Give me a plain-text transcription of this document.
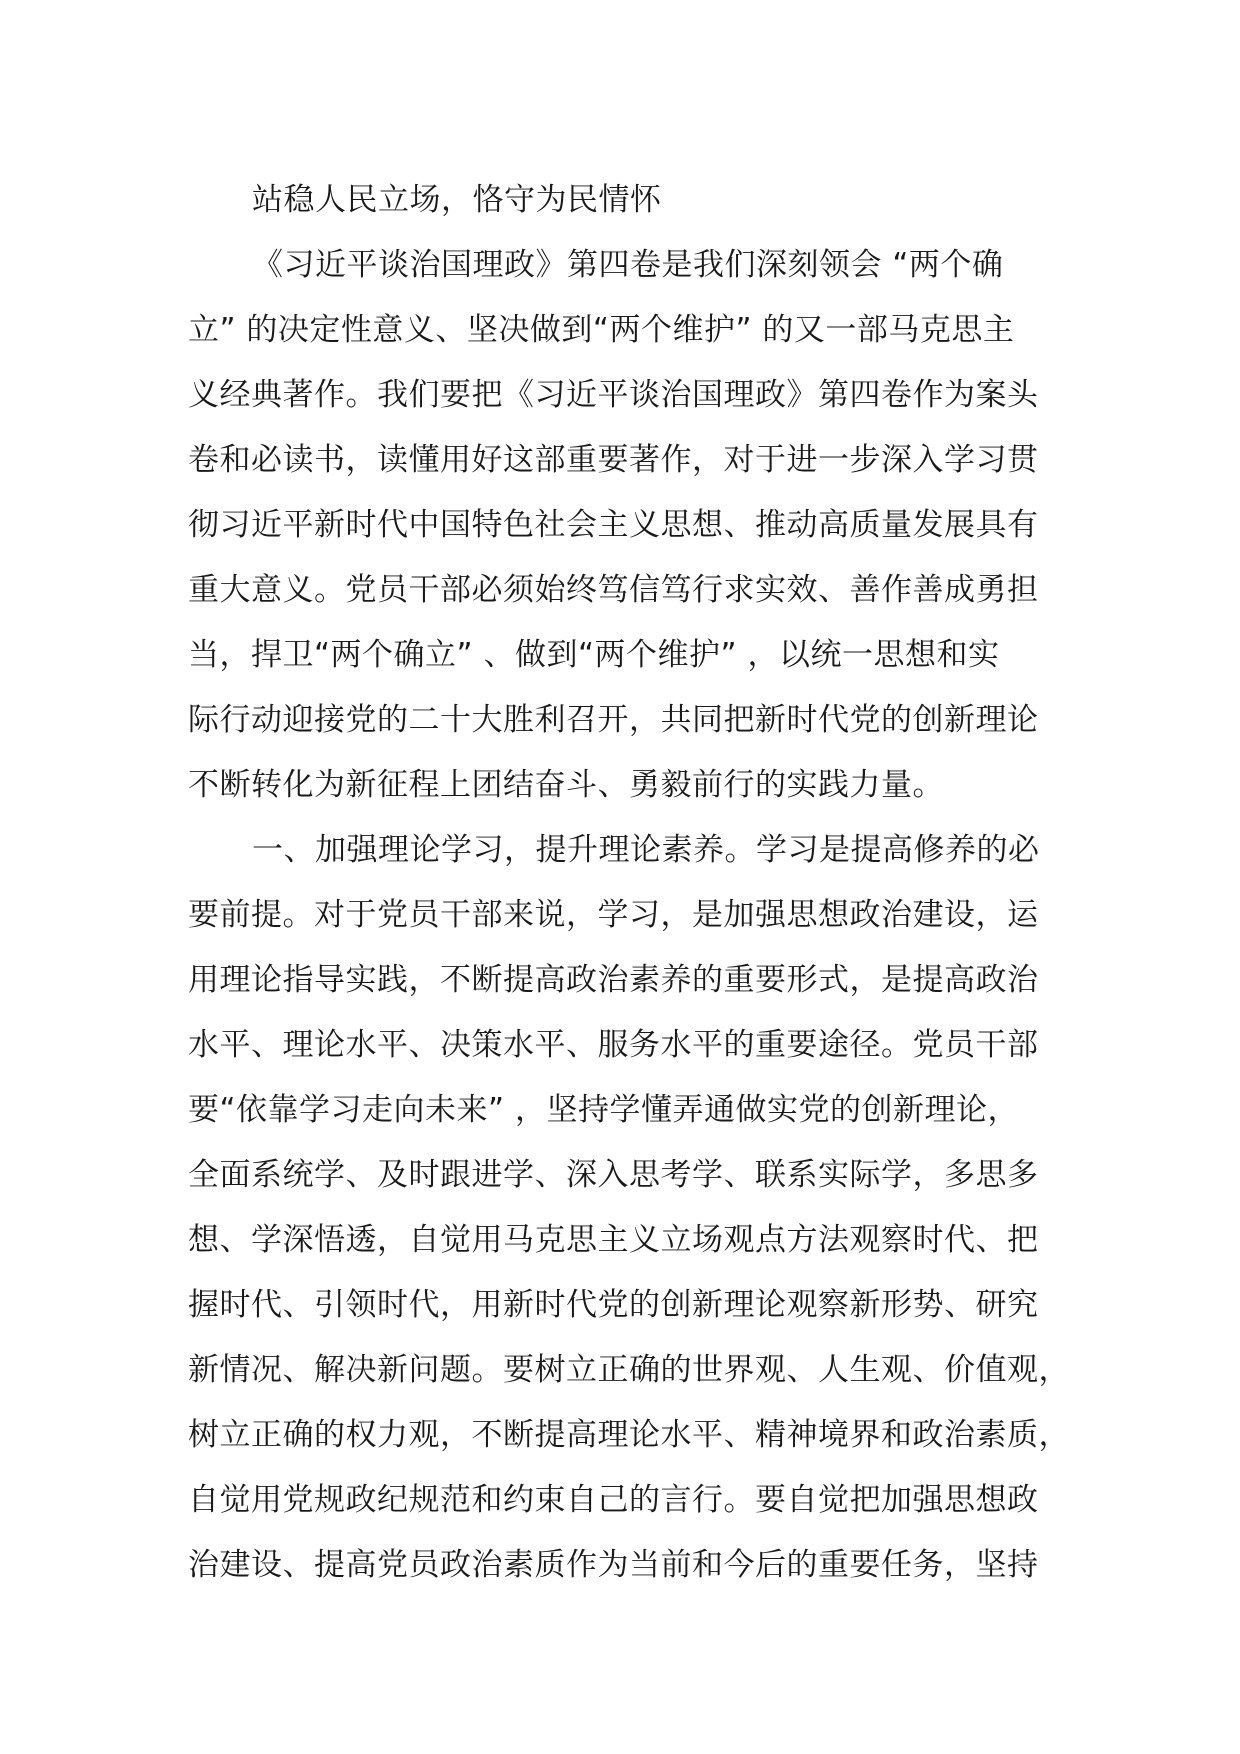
站稳人民立场，恪守为民情怀
《习近平谈治国理政》第四卷是我们深刻领会 “两个确
立” 的决定性意义、坚决做到“两个维护” 的又一部马克思主
义经典著作。我们要把《习近平谈治国理政》第四卷作为案头
卷和必读书，读懂用好这部重要著作，对于进一步深入学习贯
彻习近平新时代中国特色社会主义思想、推动高质量发展具有
重大意义。党员干部必须始终笃信笃行求实效、善作善成勇担
当，捍卫“两个确立” 、做到“两个维护” ，以统一思想和实
际行动迎接党的二十大胜利召开，共同把新时代党的创新理论
不断转化为新征程上团结奋斗、勇毅前行的实践力量。
一、加强理论学习，提升理论素养。学习是提高修养的必
要前提。对于党员干部来说，学习，是加强思想政治建设，运
用理论指导实践，不断提高政治素养的重要形式，是提高政治
水平、理论水平、决策水平、服务水平的重要途径。党员干部
要“依靠学习走向未来” ，坚持学懂弄通做实党的创新理论，
全面系统学、及时跟进学、深入思考学、联系实际学，多思多
想、学深悟透，自觉用马克思主义立场观点方法观察时代、把
握时代、引领时代，用新时代党的创新理论观察新形势、研究
新情况、解决新问题。要树立正确的世界观、人生观、价值观，
树立正确的权力观，不断提高理论水平、精神境界和政治素质，
自觉用党规政纪规范和约束自己的言行。要自觉把加强思想政
治建设、提高党员政治素质作为当前和今后的重要任务，坚持
